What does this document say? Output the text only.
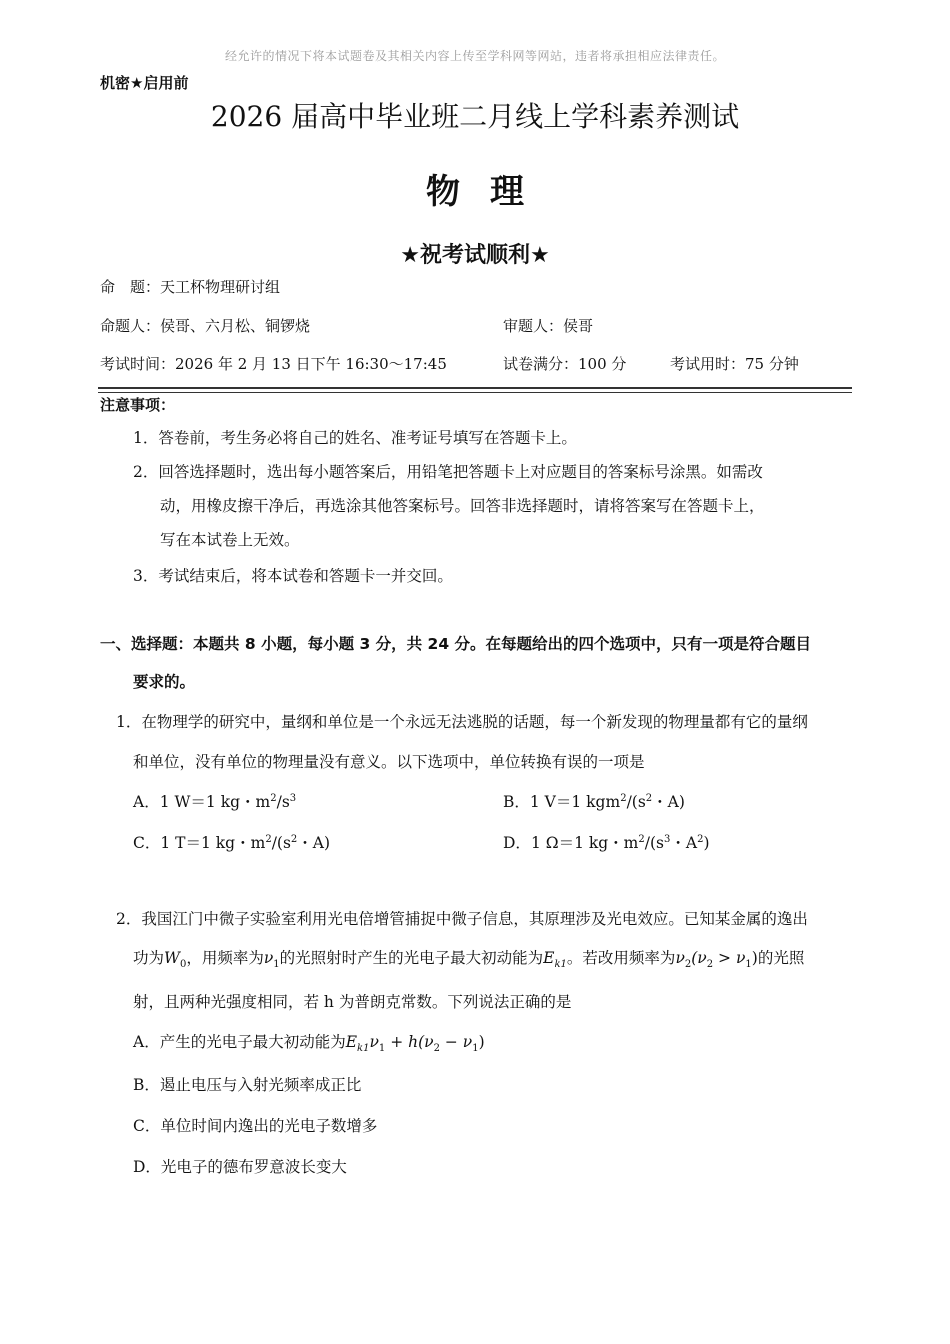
经允许的情况下将本试题卷及其相关内容上传至学科网等网站，违者将承担相应法律责任。
机密★启用前
2026 届高中毕业班二月线上学科素养测试
物理
★祝考试顺利★
命　题：天工杯物理研讨组
命题人：侯哥、六月松、铜锣烧	审题人：侯哥
考试时间：2026 年 2 月 13 日下午 16:30～17:45	试卷满分：100 分	考试用时：75 分钟
注意事项：
1．答卷前，考生务必将自己的姓名、准考证号填写在答题卡上。
2．回答选择题时，选出每小题答案后，用铅笔把答题卡上对应题目的答案标号涂黑。如需改
动，用橡皮擦干净后，再选涂其他答案标号。回答非选择题时，请将答案写在答题卡上，
写在本试卷上无效。
3．考试结束后，将本试卷和答题卡一并交回。
一、选择题：本题共 8 小题，每小题 3 分，共 24 分。在每题给出的四个选项中，只有一项是符合题目
要求的。
1．在物理学的研究中，量纲和单位是一个永远无法逃脱的话题，每一个新发现的物理量都有它的量纲
和单位，没有单位的物理量没有意义。以下选项中，单位转换有误的一项是
A．1 W＝1 kg・$m^2/s^3$	B．1 V＝1 $kgm^2/(s^2$・A)
C．1 T＝1 kg・$m^2/(s^2$・A)	D．1 Ω＝1 kg・$m^2/(s^3$・$A^2$)
2．我国江门中微子实验室利用光电倍增管捕捉中微子信息，其原理涉及光电效应。已知某金属的逸出
功为$W_0$，用频率为$\nu_1$的光照射时产生的光电子最大初动能为$E_{k1}$。若改用频率为$\nu_2(\nu_2 > \nu_1)$的光照
射，且两种光强度相同，若 h 为普朗克常数。下列说法正确的是
A．产生的光电子最大初动能为$E_{k1}\nu_1 + h(\nu_2 - \nu_1)$
B．遏止电压与入射光频率成正比
C．单位时间内逸出的光电子数增多
D．光电子的德布罗意波长变大
